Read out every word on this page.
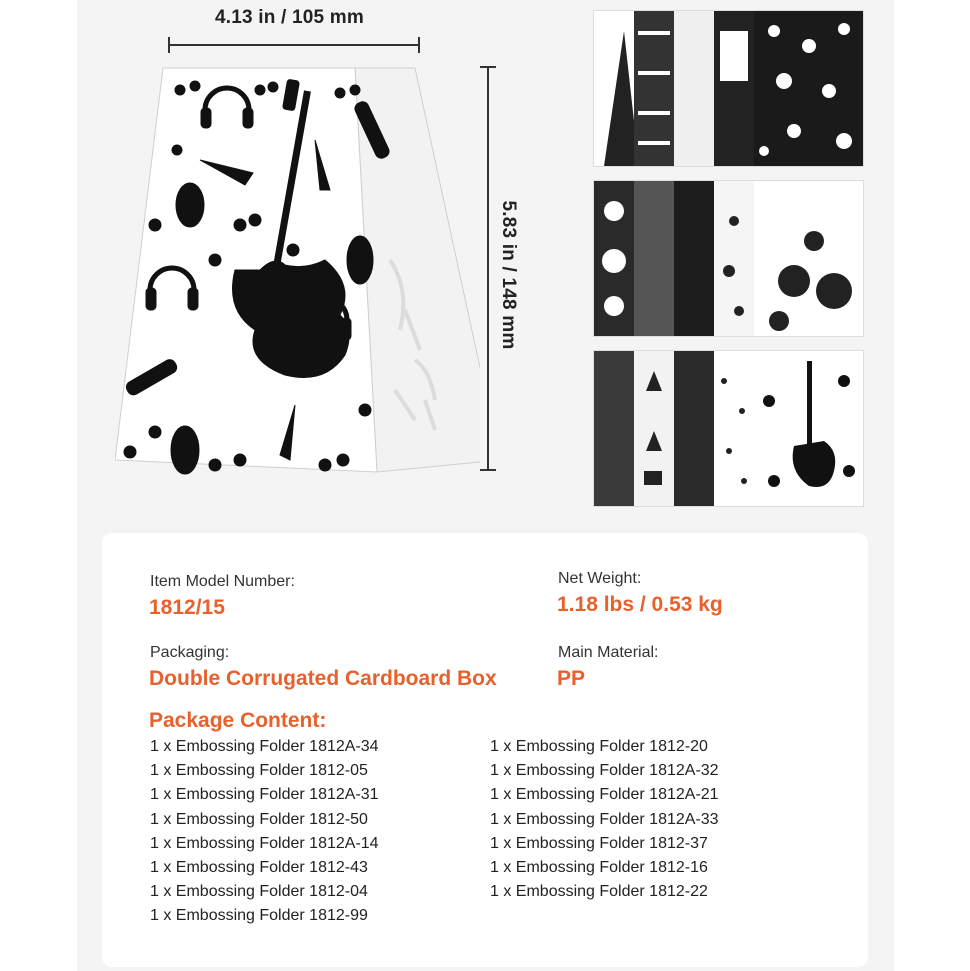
4.13 in / 105 mm
5.83 in / 148 mm
Item Model Number:
1812/15
Net Weight:
1.18 lbs / 0.53 kg
Packaging:
Double Corrugated Cardboard Box
Main Material:
PP
Package Content:
1 x Embossing Folder 1812A-34
1 x Embossing Folder 1812-05
1 x Embossing Folder 1812A-31
1 x Embossing Folder 1812-50
1 x Embossing Folder 1812A-14
1 x Embossing Folder 1812-43
1 x Embossing Folder 1812-04
1 x Embossing Folder 1812-99
1 x Embossing Folder 1812-20
1 x Embossing Folder 1812A-32
1 x Embossing Folder 1812A-21
1 x Embossing Folder 1812A-33
1 x Embossing Folder 1812-37
1 x Embossing Folder 1812-16
1 x Embossing Folder 1812-22
